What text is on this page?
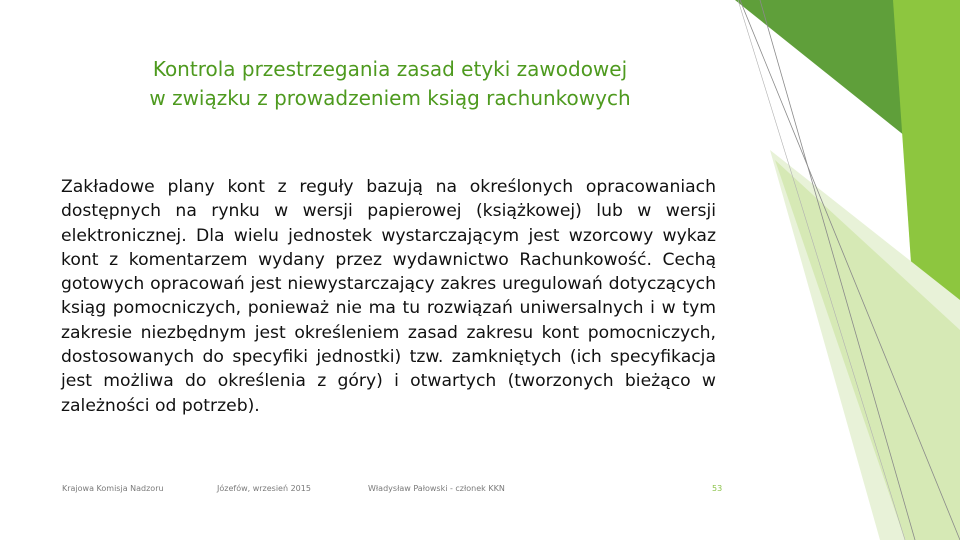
Kontrola przestrzegania zasad etyki zawodowej
w związku z prowadzeniem ksiąg rachunkowych
Zakładowe plany kont z reguły bazują na określonych opracowaniach dostępnych na rynku w wersji papierowej (książkowej) lub w wersji elektronicznej. Dla wielu jednostek wystarczającym jest wzorcowy wykaz kont z komentarzem wydany przez wydawnictwo Rachunkowość. Cechą gotowych opracowań jest niewystarczający zakres uregulowań dotyczących ksiąg pomocniczych, ponieważ nie ma tu rozwiązań uniwersalnych i w tym zakresie niezbędnym jest określeniem zasad zakresu kont pomocniczych, dostosowanych do specyfiki jednostki) tzw. zamkniętych (ich specyfikacja jest możliwa do określenia z góry) i otwartych (tworzonych bieżąco w zależności od potrzeb).
Krajowa Komisja Nadzoru	Józefów, wrzesień 2015	Władysław Pałowski - członek KKN	53
